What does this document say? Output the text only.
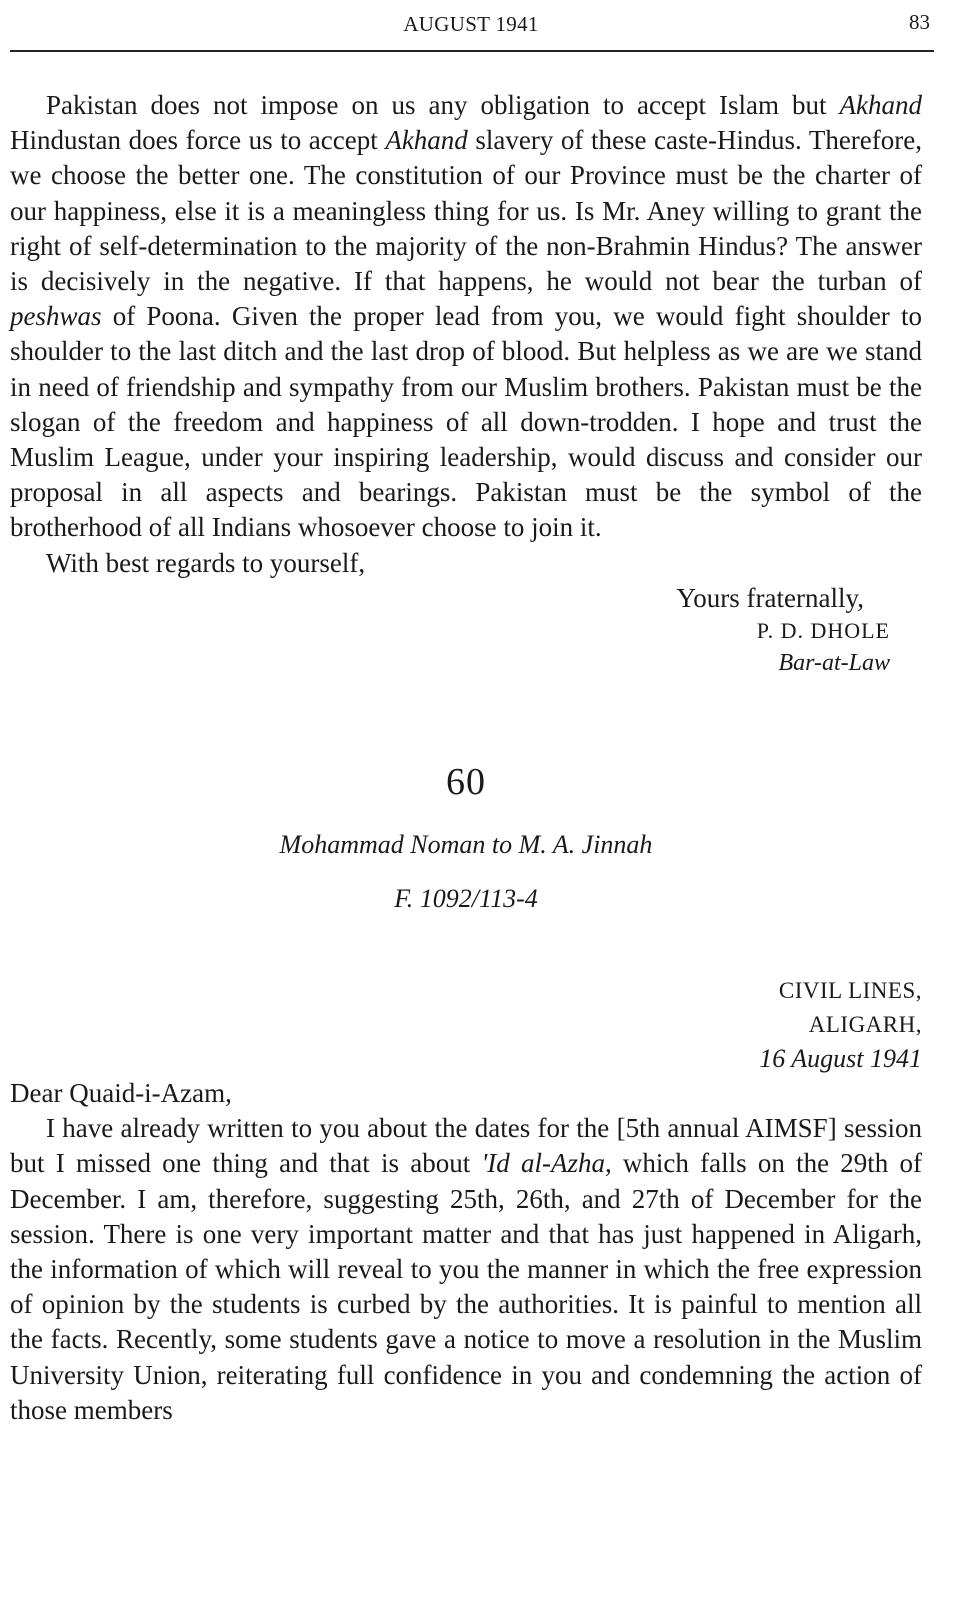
AUGUST 1941	83

Pakistan does not impose on us any obligation to accept Islam but Akhand Hindustan does force us to accept Akhand slavery of these caste-Hindus. Therefore, we choose the better one. The constitution of our Province must be the charter of our happiness, else it is a meaningless thing for us. Is Mr. Aney willing to grant the right of self-determination to the majority of the non-Brahmin Hindus? The answer is decisively in the negative. If that happens, he would not bear the turban of peshwas of Poona. Given the proper lead from you, we would fight shoulder to shoulder to the last ditch and the last drop of blood. But helpless as we are we stand in need of friendship and sympathy from our Muslim brothers. Pakistan must be the slogan of the freedom and happiness of all down-trodden. I hope and trust the Muslim League, under your inspiring leadership, would discuss and consider our proposal in all aspects and bearings. Pakistan must be the symbol of the brotherhood of all Indians whosoever choose to join it.

With best regards to yourself,

Yours fraternally,

P. D. DHOLE

Bar-at-Law

60
Mohammad Noman to M. A. Jinnah
F. 1092/113-4
CIVIL LINES,
ALIGARH,
16 August 1941

Dear Quaid-i-Azam,

I have already written to you about the dates for the [5th annual AIMSF] session but I missed one thing and that is about 'Id al-Azha, which falls on the 29th of December. I am, therefore, suggesting 25th, 26th, and 27th of December for the session. There is one very important matter and that has just happened in Aligarh, the information of which will reveal to you the manner in which the free expression of opinion by the students is curbed by the authorities. It is painful to mention all the facts. Recently, some students gave a notice to move a resolution in the Muslim University Union, reiterating full confidence in you and condemning the action of those members
